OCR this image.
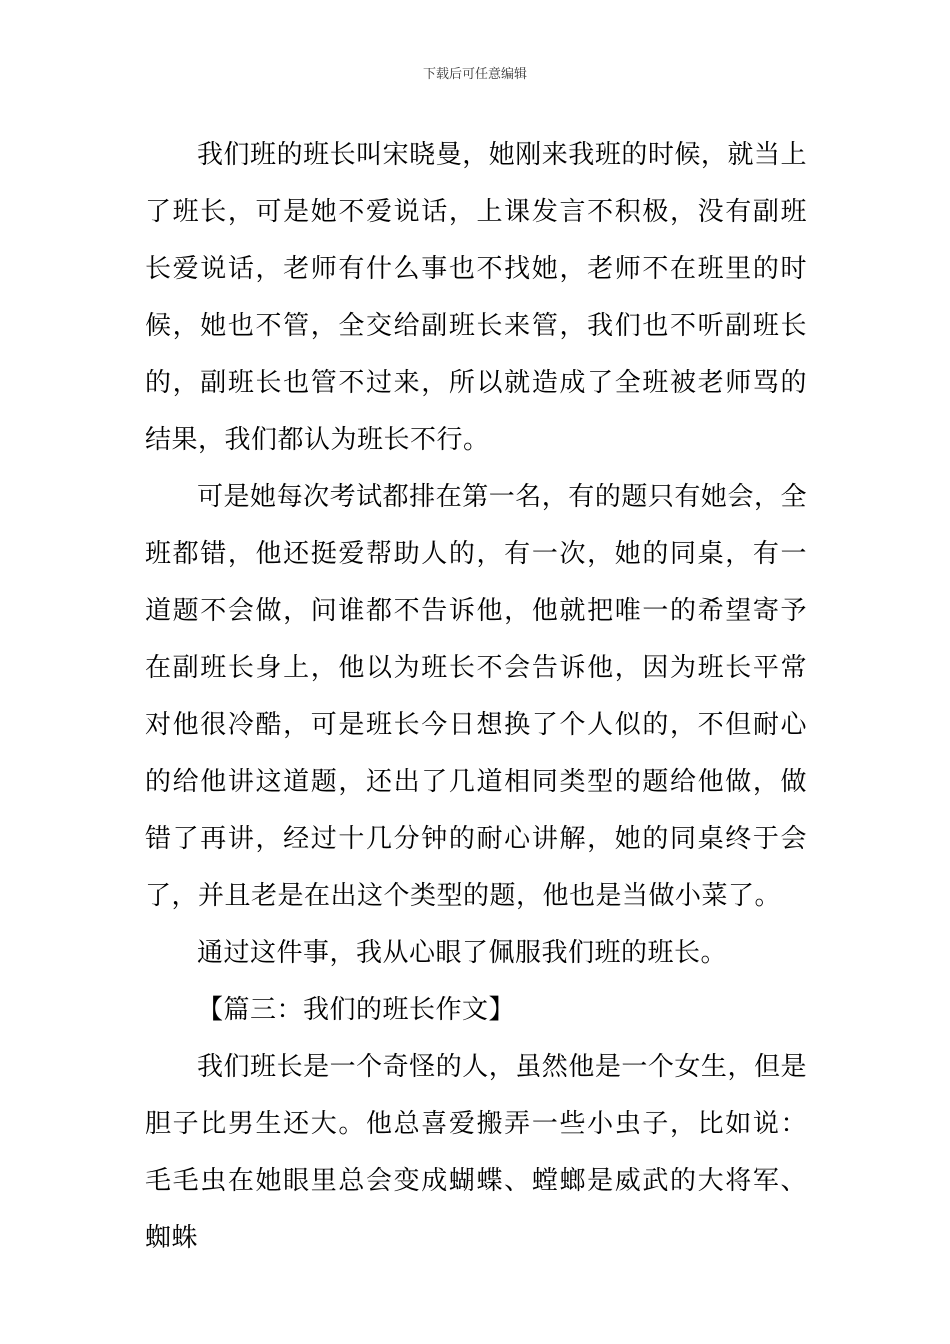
下载后可任意编辑

我们班的班长叫宋晓曼，她刚来我班的时候，就当上了班长，可是她不爱说话，上课发言不积极，没有副班长爱说话，老师有什么事也不找她，老师不在班里的时候，她也不管，全交给副班长来管，我们也不听副班长的，副班长也管不过来，所以就造成了全班被老师骂的结果，我们都认为班长不行。

可是她每次考试都排在第一名，有的题只有她会，全班都错，他还挺爱帮助人的，有一次，她的同桌，有一道题不会做，问谁都不告诉他，他就把唯一的希望寄予在副班长身上，他以为班长不会告诉他，因为班长平常对他很冷酷，可是班长今日想换了个人似的，不但耐心的给他讲这道题，还出了几道相同类型的题给他做，做错了再讲，经过十几分钟的耐心讲解，她的同桌终于会了，并且老是在出这个类型的题，他也是当做小菜了。

通过这件事，我从心眼了佩服我们班的班长。

【篇三：我们的班长作文】

我们班长是一个奇怪的人，虽然他是一个女生，但是胆子比男生还大。他总喜爱搬弄一些小虫子，比如说：毛毛虫在她眼里总会变成蝴蝶、螳螂是威武的大将军、蜘蛛
